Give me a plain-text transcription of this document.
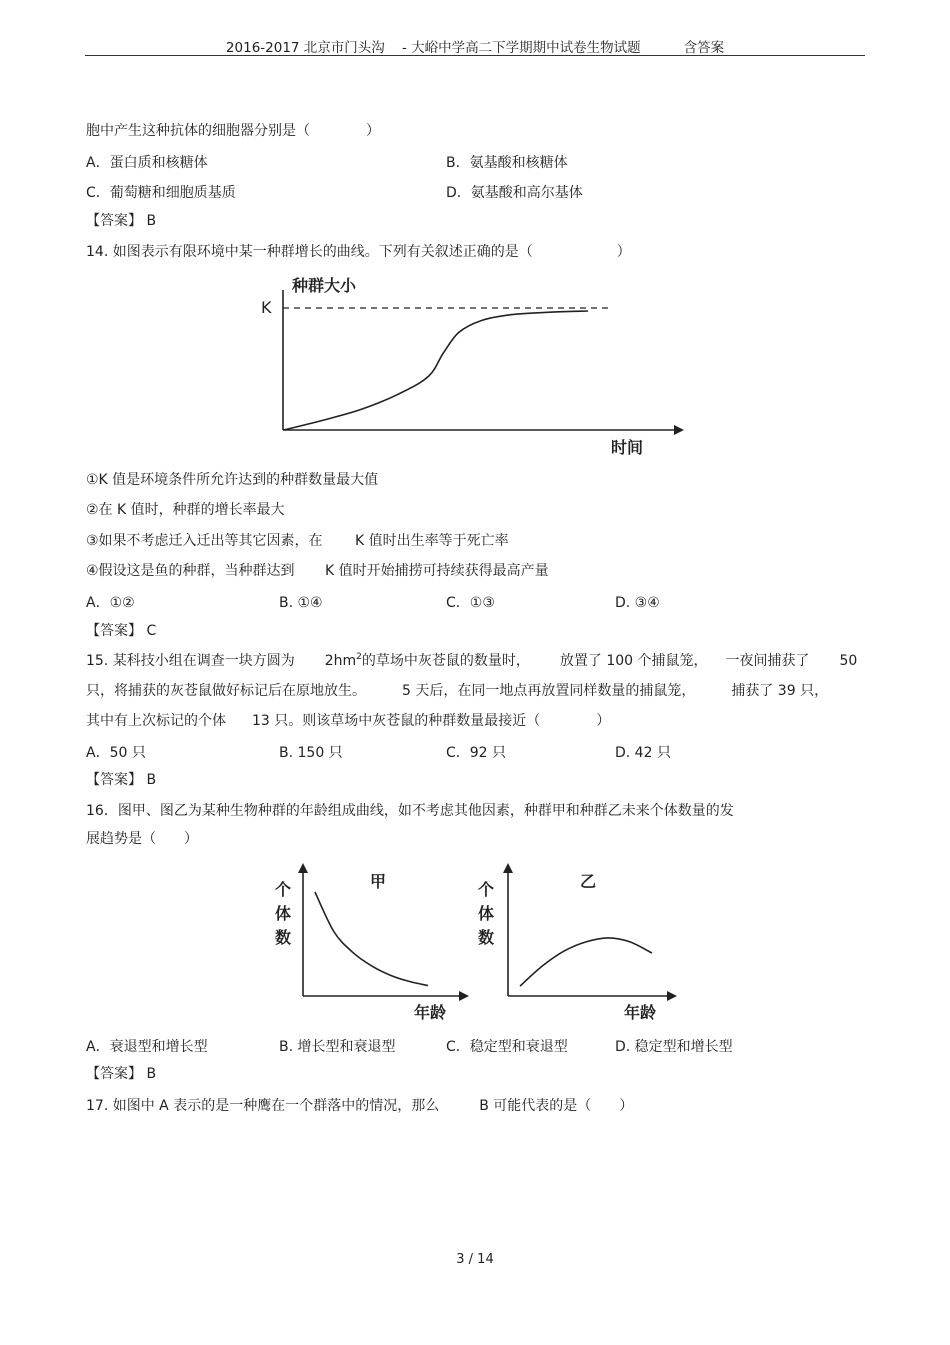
2016-2017 北京市门头沟 - 大峪中学高二下学期期中试卷生物试题	含答案
胞中产生这种抗体的细胞器分别是（　　　　）
A．蛋白质和核糖体	B．氨基酸和核糖体
C．葡萄糖和细胞质基质	D．氨基酸和高尔基体
【答案】 B
14. 如图表示有限环境中某一种群增长的曲线。下列有关叙述正确的是（　　　　　　）
种群大小
K
时间
①K 值是环境条件所允许达到的种群数量最大值
②在 K 值时，种群的增长率最大
③如果不考虑迁入迁出等其它因素，在 K 值时出生率等于死亡率
④假设这是鱼的种群，当种群达到 K 值时开始捕捞可持续获得最高产量
A．①②	B. ①④	C．①③	D. ③④
【答案】 C
15. 某科技小组在调查一块方圆为 $2hm^2$的草场中灰苍鼠的数量时， 放置了 100 个捕鼠笼， 一夜间捕获了 50
只，将捕获的灰苍鼠做好标记后在原地放生。	5 天后，在同一地点再放置同样数量的捕鼠笼，	捕获了 39 只，
其中有上次标记的个体 13 只。则该草场中灰苍鼠的种群数量最接近（　　　　）
A．50 只	B. 150 只	C．92 只	D. 42 只
【答案】 B
16．图甲、图乙为某种生物种群的年龄组成曲线，如不考虑其他因素，种群甲和种群乙未来个体数量的发
展趋势是（　　）
甲
个
体
数
年龄
乙
个
体
数
年龄
A．衰退型和增长型	B. 增长型和衰退型	C．稳定型和衰退型	D. 稳定型和增长型
【答案】 B
17. 如图中 A 表示的是一种鹰在一个群落中的情况，那么	B 可能代表的是（　　）
3 / 14
